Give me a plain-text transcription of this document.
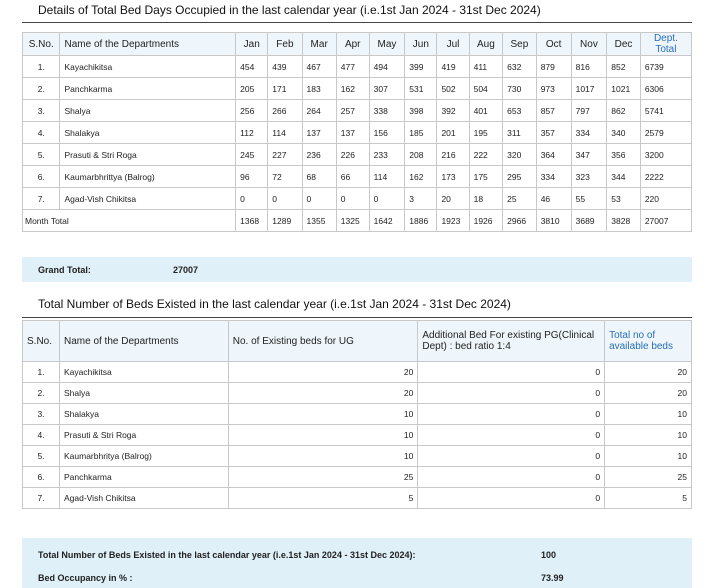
Details of Total Bed Days Occupied in the last calendar year (i.e.1st Jan 2024 - 31st Dec 2024)
S.No.	Name of the Departments	Jan	Feb	Mar	Apr	May	Jun	Jul	Aug	Sep	Oct	Nov	Dec	Dept. Total
1.	Kayachikitsa	454	439	467	477	494	399	419	411	632	879	816	852	6739
2.	Panchkarma	205	171	183	162	307	531	502	504	730	973	1017	1021	6306
3.	Shalya	256	266	264	257	338	398	392	401	653	857	797	862	5741
4.	Shalakya	112	114	137	137	156	185	201	195	311	357	334	340	2579
5.	Prasuti & Stri Roga	245	227	236	226	233	208	216	222	320	364	347	356	3200
6.	Kaumarbhrittya (Balrog)	96	72	68	66	114	162	173	175	295	334	323	344	2222
7.	Agad-Vish Chikitsa	0	0	0	0	0	3	20	18	25	46	55	53	220
Month Total		1368	1289	1355	1325	1642	1886	1923	1926	2966	3810	3689	3828	27007
Grand Total:	27007
Total Number of Beds Existed in the last calendar year (i.e.1st Jan 2024 - 31st Dec 2024)
S.No.	Name of the Departments	No. of Existing beds for UG	Additional Bed For existing PG(Clinical Dept) : bed ratio 1:4	Total no of available beds
1.	Kayachikitsa	20	0	20
2.	Shalya	20	0	20
3.	Shalakya	10	0	10
4.	Prasuti & Stri Roga	10	0	10
5.	Kaumarbhritya (Balrog)	10	0	10
6.	Panchkarma	25	0	25
7.	Agad-Vish Chikitsa	5	0	5
Total Number of Beds Existed in the last calendar year (i.e.1st Jan 2024 - 31st Dec 2024):	100
Bed Occupancy in % :	73.99
